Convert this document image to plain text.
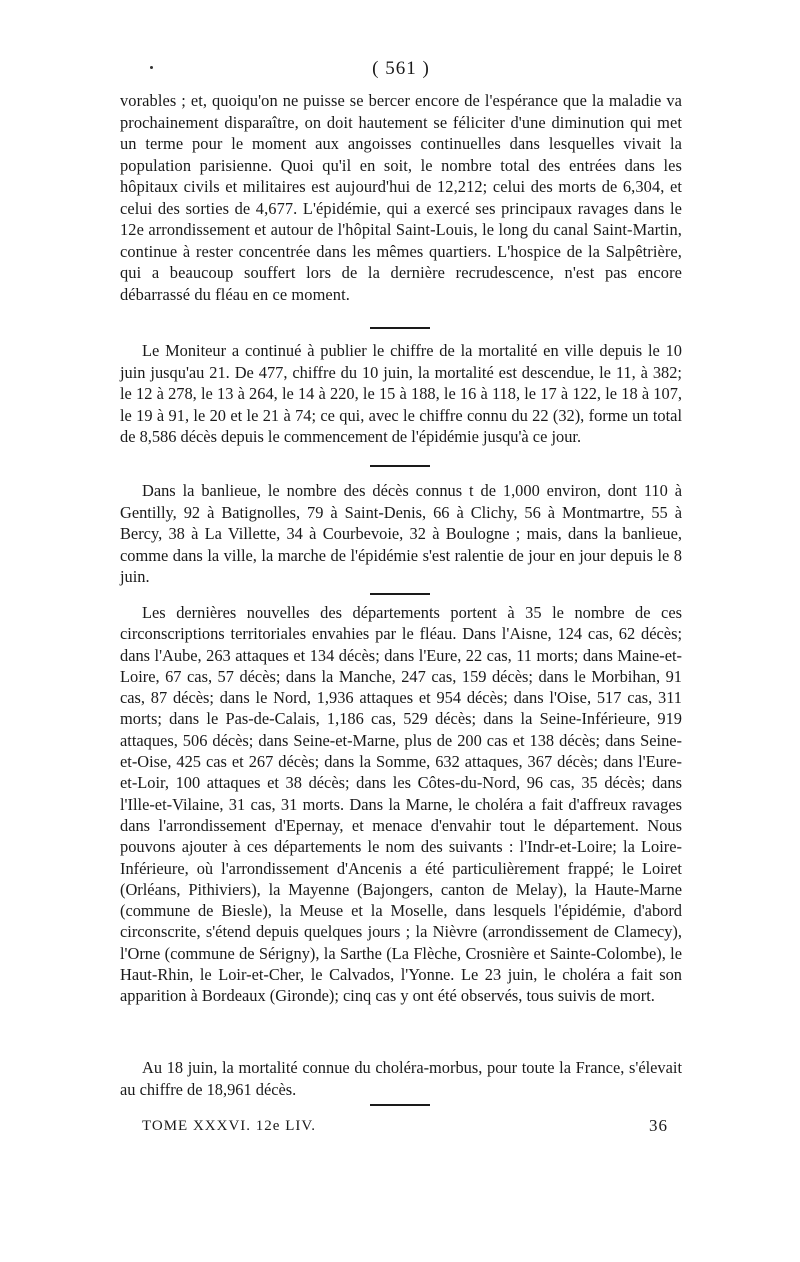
( 561 )

vorables ; et, quoiqu'on ne puisse se bercer encore de l'espérance que la maladie va prochainement disparaître, on doit hautement se féliciter d'une diminution qui met un terme pour le moment aux angoisses continuelles dans lesquelles vivait la population parisienne. Quoi qu'il en soit, le nombre total des entrées dans les hôpitaux civils et militaires est aujourd'hui de 12,212; celui des morts de 6,304, et celui des sorties de 4,677. L'épidémie, qui a exercé ses principaux ravages dans le 12e arrondissement et autour de l'hôpital Saint-Louis, le long du canal Saint-Martin, continue à rester concentrée dans les mêmes quartiers. L'hospice de la Salpêtrière, qui a beaucoup souffert lors de la dernière recrudescence, n'est pas encore débarrassé du fléau en ce moment.

Le Moniteur a continué à publier le chiffre de la mortalité en ville depuis le 10 juin jusqu'au 21. De 477, chiffre du 10 juin, la mortalité est descendue, le 11, à 382; le 12 à 278, le 13 à 264, le 14 à 220, le 15 à 188, le 16 à 118, le 17 à 122, le 18 à 107, le 19 à 91, le 20 et le 21 à 74; ce qui, avec le chiffre connu du 22 (32), forme un total de 8,586 décès depuis le commencement de l'épidémie jusqu'à ce jour.

Dans la banlieue, le nombre des décès connus t de 1,000 environ, dont 110 à Gentilly, 92 à Batignolles, 79 à Saint-Denis, 66 à Clichy, 56 à Montmartre, 55 à Bercy, 38 à La Villette, 34 à Courbevoie, 32 à Boulogne ; mais, dans la banlieue, comme dans la ville, la marche de l'épidémie s'est ralentie de jour en jour depuis le 8 juin.

Les dernières nouvelles des départements portent à 35 le nombre de ces circonscriptions territoriales envahies par le fléau. Dans l'Aisne, 124 cas, 62 décès; dans l'Aube, 263 attaques et 134 décès; dans l'Eure, 22 cas, 11 morts; dans Maine-et-Loire, 67 cas, 57 décès; dans la Manche, 247 cas, 159 décès; dans le Morbihan, 91 cas, 87 décès; dans le Nord, 1,936 attaques et 954 décès; dans l'Oise, 517 cas, 311 morts; dans le Pas-de-Calais, 1,186 cas, 529 décès; dans la Seine-Inférieure, 919 attaques, 506 décès; dans Seine-et-Marne, plus de 200 cas et 138 décès; dans Seine-et-Oise, 425 cas et 267 décès; dans la Somme, 632 attaques, 367 décès; dans l'Eure-et-Loir, 100 attaques et 38 décès; dans les Côtes-du-Nord, 96 cas, 35 décès; dans l'Ille-et-Vilaine, 31 cas, 31 morts. Dans la Marne, le choléra a fait d'affreux ravages dans l'arrondissement d'Epernay, et menace d'envahir tout le département. Nous pouvons ajouter à ces départements le nom des suivants : l'Indr-et-Loire; la Loire-Inférieure, où l'arrondissement d'Ancenis a été particulièrement frappé; le Loiret (Orléans, Pithiviers), la Mayenne (Bajongers, canton de Melay), la Haute-Marne (commune de Biesle), la Meuse et la Moselle, dans lesquels l'épidémie, d'abord circonscrite, s'étend depuis quelques jours ; la Nièvre (arrondissement de Clamecy), l'Orne (commune de Sérigny), la Sarthe (La Flèche, Crosnière et Sainte-Colombe), le Haut-Rhin, le Loir-et-Cher, le Calvados, l'Yonne. Le 23 juin, le choléra a fait son apparition à Bordeaux (Gironde); cinq cas y ont été observés, tous suivis de mort.

Au 18 juin, la mortalité connue du choléra-morbus, pour toute la France, s'élevait au chiffre de 18,961 décès.

TOME XXXVI. 12e LIV.	36
